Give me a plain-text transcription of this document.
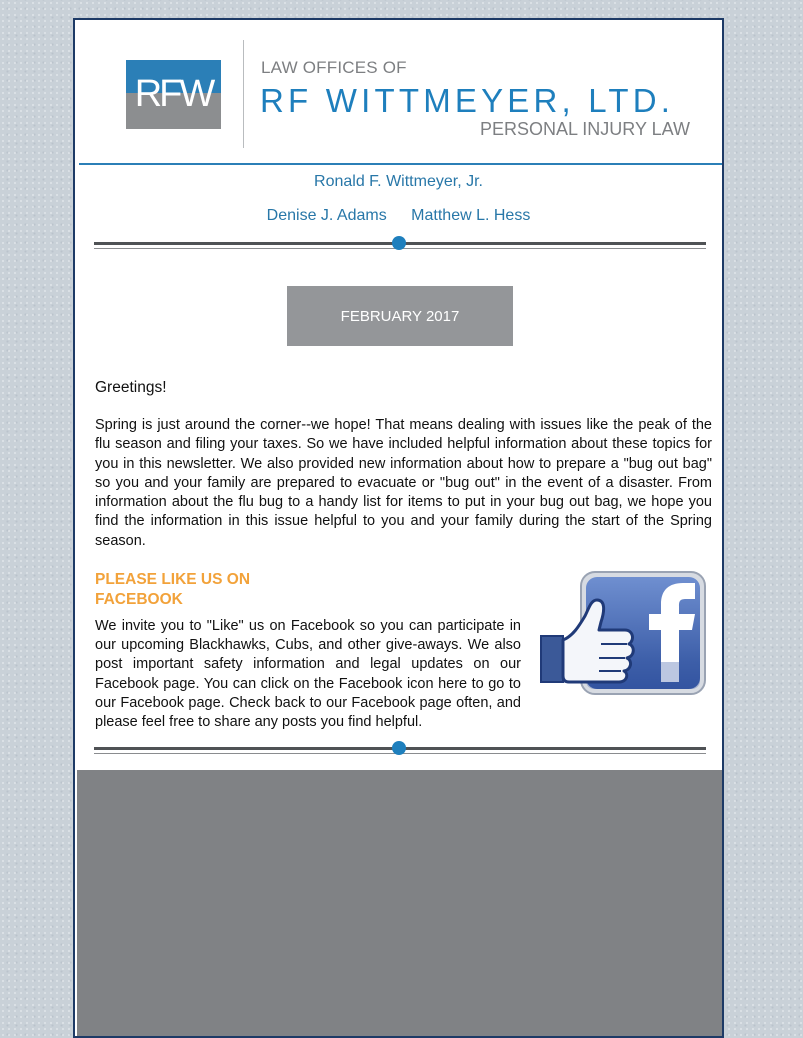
RFW
LAW OFFICES OF
RF WITTMEYER, LTD.
PERSONAL INJURY LAW
Ronald F. Wittmeyer, Jr.
Denise J. Adams Matthew L. Hess
FEBRUARY 2017
Greetings!
Spring is just around the corner--we hope! That means dealing with issues like the peak of the flu season and filing your taxes. So we have included helpful information about these topics for you in this newsletter. We also provided new information about how to prepare a "bug out bag" so you and your family are prepared to evacuate or "bug out" in the event of a disaster. From information about the flu bug to a handy list for items to put in your bug out bag, we hope you find the information in this issue helpful to you and your family during the start of the Spring season.
PLEASE LIKE US ON FACEBOOK
We invite you to "Like" us on Facebook so you can participate in our upcoming Blackhawks, Cubs, and other give-aways. We also post important safety information and legal updates on our Facebook page. You can click on the Facebook icon here to go to our Facebook page. Check back to our Facebook page often, and please feel free to share any posts you find helpful.
